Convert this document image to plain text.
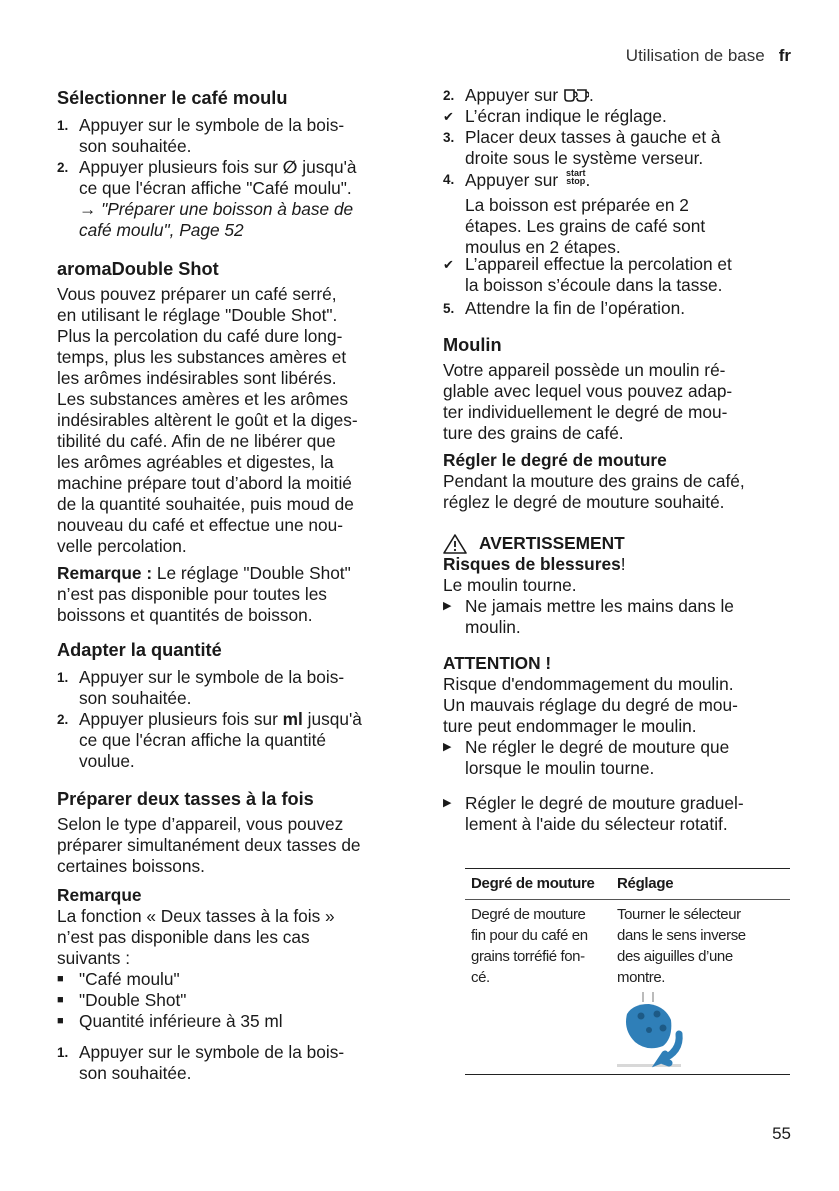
Utilisation de base fr
Sélectionner le café moulu
1. Appuyer sur le symbole de la bois-
son souhaitée.
2. Appuyer plusieurs fois sur ∅ jusqu'à
ce que l'écran affiche "Café moulu".
→ "Préparer une boisson à base de
café moulu", Page 52
aromaDouble Shot
Vous pouvez préparer un café serré,
en utilisant le réglage "Double Shot".
Plus la percolation du café dure long-
temps, plus les substances amères et
les arômes indésirables sont libérés.
Les substances amères et les arômes
indésirables altèrent le goût et la diges-
tibilité du café. Afin de ne libérer que
les arômes agréables et digestes, la
machine prépare tout d’abord la moitié
de la quantité souhaitée, puis moud de
nouveau du café et effectue une nou-
velle percolation.
Remarque : Le réglage "Double Shot"
n’est pas disponible pour toutes les
boissons et quantités de boisson.
Adapter la quantité
1. Appuyer sur le symbole de la bois-
son souhaitée.
2. Appuyer plusieurs fois sur ml jusqu'à
ce que l'écran affiche la quantité
voulue.
Préparer deux tasses à la fois
Selon le type d’appareil, vous pouvez
préparer simultanément deux tasses de
certaines boissons.
Remarque
La fonction « Deux tasses à la fois »
n’est pas disponible dans les cas
suivants :
■ "Café moulu"
■ "Double Shot"
■ Quantité inférieure à 35 ml
1. Appuyer sur le symbole de la bois-
son souhaitée.
2. Appuyer sur .
✔ L’écran indique le réglage.
3. Placer deux tasses à gauche et à
droite sous le système verseur.
4. Appuyer sur start
stop .
La boisson est préparée en 2
étapes. Les grains de café sont
moulus en 2 étapes.
✔ L’appareil effectue la percolation et
la boisson s’écoule dans la tasse.
5. Attendre la fin de l’opération.
Moulin
Votre appareil possède un moulin ré-
glable avec lequel vous pouvez adap-
ter individuellement le degré de mou-
ture des grains de café.
Régler le degré de mouture
Pendant la mouture des grains de café,
réglez le degré de mouture souhaité.
AVERTISSEMENT
Risques de blessures!
Le moulin tourne.
▶ Ne jamais mettre les mains dans le
moulin.
ATTENTION !
Risque d'endommagement du moulin.
Un mauvais réglage du degré de mou-
ture peut endommager le moulin.
▶ Ne régler le degré de mouture que
lorsque le moulin tourne.
▶ Régler le degré de mouture graduel-
lement à l'aide du sélecteur rotatif.
Degré de mouture	Réglage
Degré de mouture
fin pour du café en
grains torréfié fon-
cé.
Tourner le sélecteur
dans le sens inverse
des aiguilles d’une
montre.
55
